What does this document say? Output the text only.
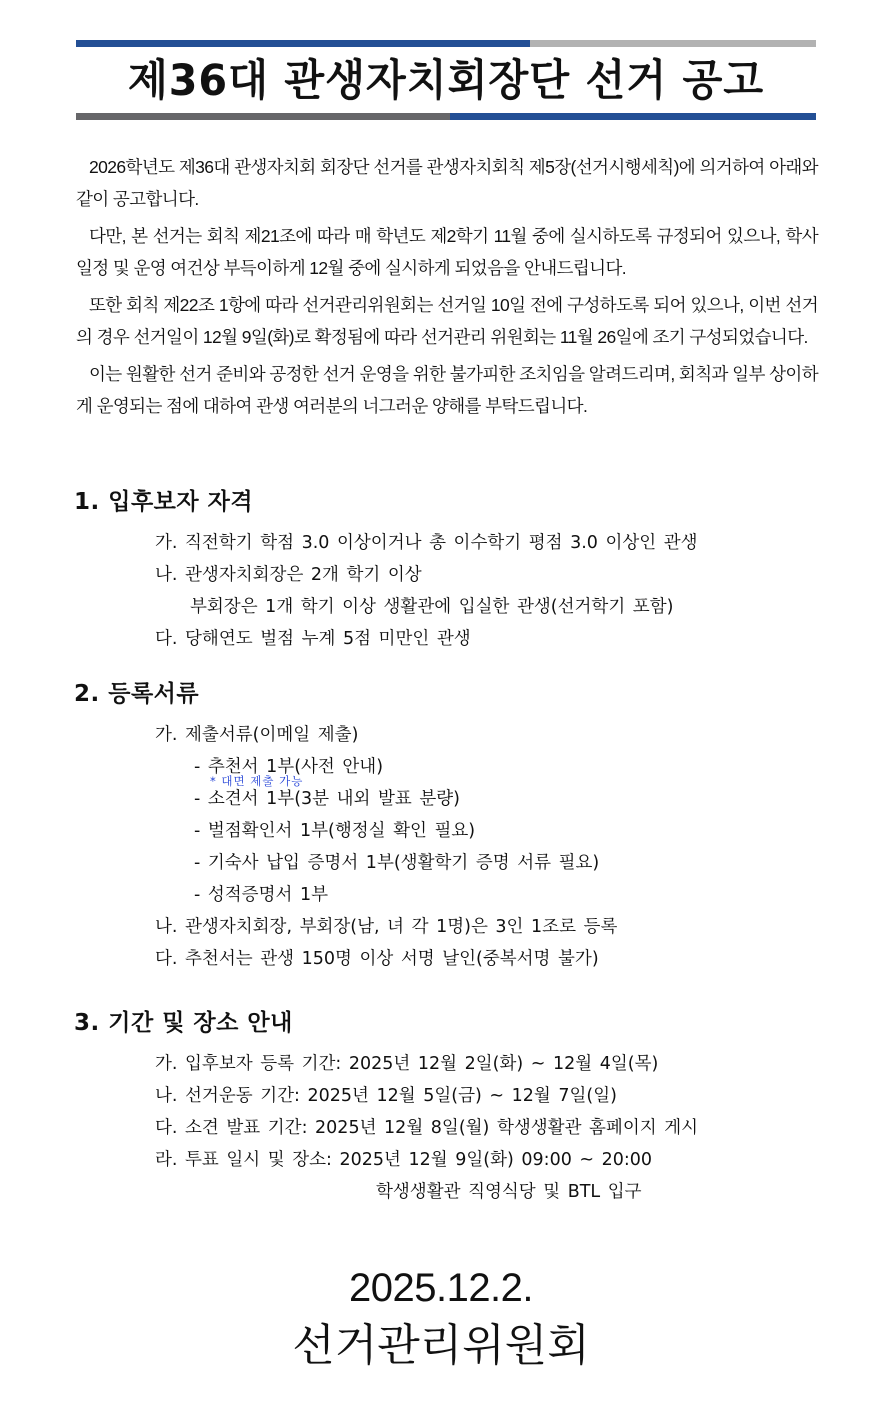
제36대 관생자치회장단 선거 공고

2026학년도 제36대 관생자치회 회장단 선거를 관생자치회칙 제5장(선거시행세칙)에 의거하여 아래와 같이 공고합니다.

다만, 본 선거는 회칙 제21조에 따라 매 학년도 제2학기 11월 중에 실시하도록 규정되어 있으나, 학사 일정 및 운영 여건상 부득이하게 12월 중에 실시하게 되었음을 안내드립니다.

또한 회칙 제22조 1항에 따라 선거관리위원회는 선거일 10일 전에 구성하도록 되어 있으나, 이번 선거의 경우 선거일이 12월 9일(화)로 확정됨에 따라 선거관리 위원회는 11월 26일에 조기 구성되었습니다.

이는 원활한 선거 준비와 공정한 선거 운영을 위한 불가피한 조치임을 알려드리며, 회칙과 일부 상이하게 운영되는 점에 대하여 관생 여러분의 너그러운 양해를 부탁드립니다.

1. 입후보자 자격
가. 직전학기 학점 3.0 이상이거나 총 이수학기 평점 3.0 이상인 관생
나. 관생자치회장은 2개 학기 이상
부회장은 1개 학기 이상 생활관에 입실한 관생(선거학기 포함)
다. 당해연도 벌점 누계 5점 미만인 관생
2. 등록서류
가. 제출서류(이메일 제출)
- 추천서 1부(사전 안내)
* 대면 제출 가능
- 소견서 1부(3분 내외 발표 분량)
- 벌점확인서 1부(행정실 확인 필요)
- 기숙사 납입 증명서 1부(생활학기 증명 서류 필요)
- 성적증명서 1부
나. 관생자치회장, 부회장(남, 녀 각 1명)은 3인 1조로 등록
다. 추천서는 관생 150명 이상 서명 날인(중복서명 불가)
3. 기간 및 장소 안내
가. 입후보자 등록 기간: 2025년 12월 2일(화) ~ 12월 4일(목)
나. 선거운동 기간: 2025년 12월 5일(금) ~ 12월 7일(일)
다. 소견 발표 기간: 2025년 12월 8일(월) 학생생활관 홈페이지 게시
라. 투표 일시 및 장소: 2025년 12월 9일(화) 09:00 ~ 20:00
학생생활관 직영식당 및 BTL 입구
2025.12.2.
선거관리위원회
